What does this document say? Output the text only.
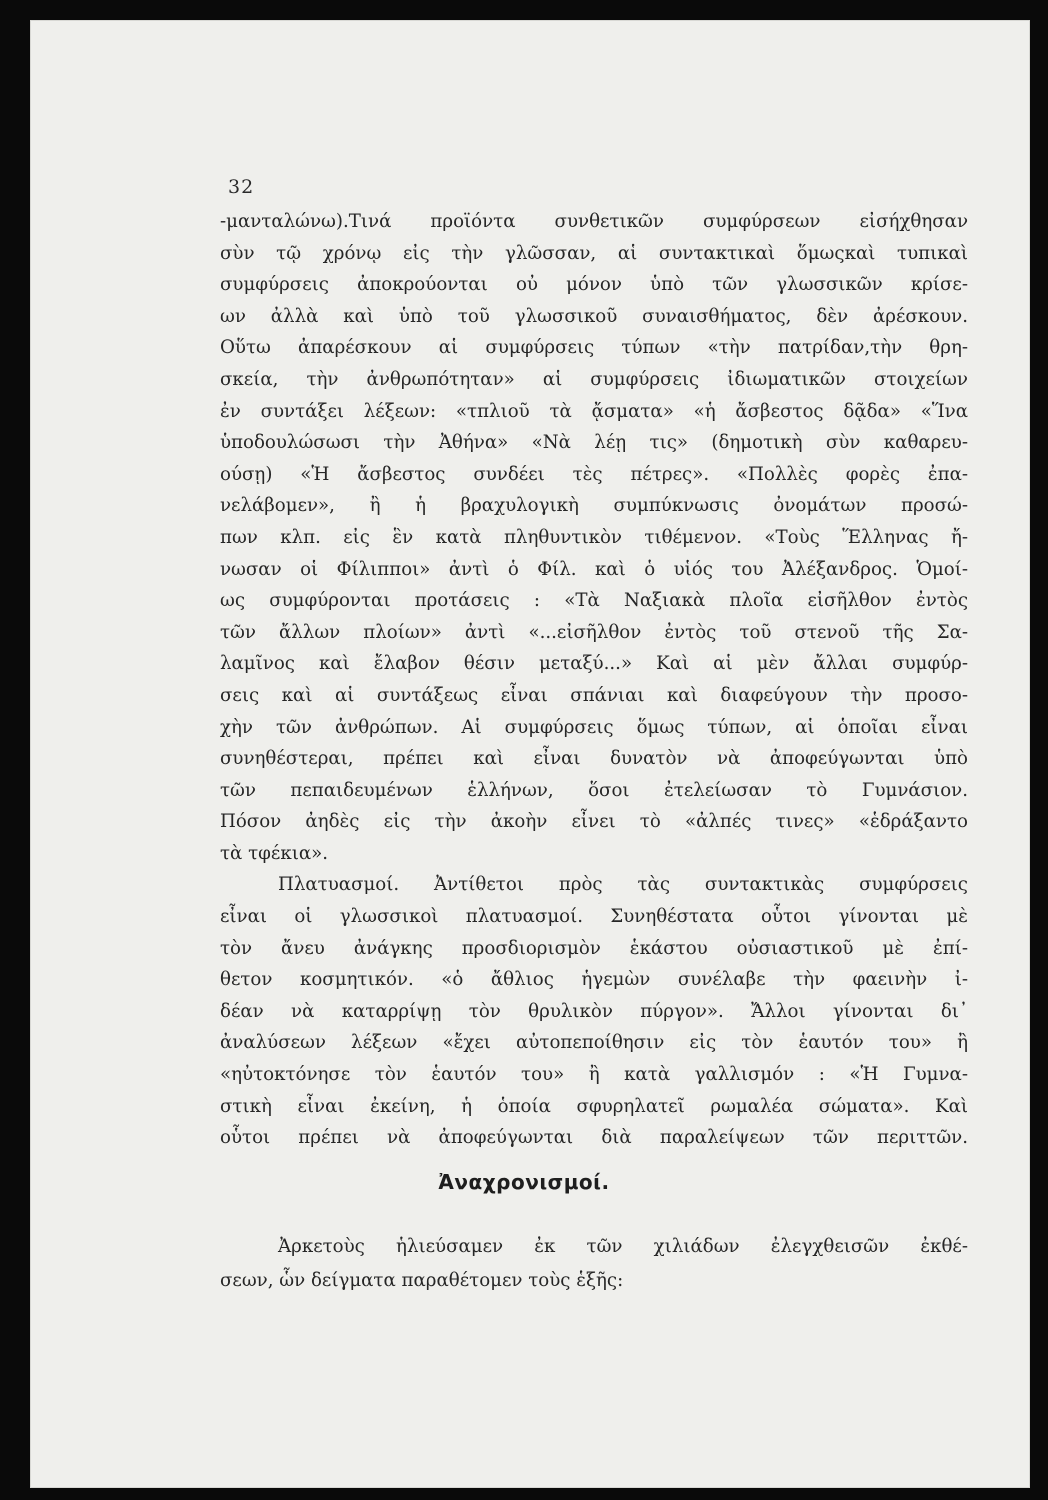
32
-μανταλώνω).Τινά προϊόντα συνθετικῶν συμφύρσεων εἰσήχθησαν
σὺν τῷ χρόνῳ εἰς τὴν γλῶσσαν, αἱ συντακτικαὶ ὅμωςκαὶ τυπικαὶ
συμφύρσεις ἀποκρούονται οὐ μόνον ὑπὸ τῶν γλωσσικῶν κρίσε-
ων ἀλλὰ καὶ ὑπὸ τοῦ γλωσσικοῦ συναισθήματος, δὲν ἀρέσκουν.
Οὕτω ἀπαρέσκουν αἱ συμφύρσεις τύπων «τὴν πατρίδαν,τὴν θρη-
σκεία, τὴν ἀνθρωπότηταν» αἱ συμφύρσεις ἰδιωματικῶν στοιχείων
ἐν συντάξει λέξεων: «τπλιοῦ τὰ ᾄσματα» «ἡ ἄσβεστος δᾷδα» «Ἵνα
ὑποδουλώσωσι τὴν Ἀθήνα» «Νὰ λέῃ τις» (δημοτικὴ σὺν καθαρευ-
ούσῃ) «Ἡ ἄσβεστος συνδέει τὲς πέτρες». «Πολλὲς φορὲς ἐπα-
νελάβομεν», ἢ ἡ βραχυλογικὴ συμπύκνωσις ὀνομάτων προσώ-
πων κλπ. εἰς ἓν κατὰ πληθυντικὸν τιθέμενον. «Τοὺς Ἕλληνας ἤ-
νωσαν οἱ Φίλιπποι» ἀντὶ ὁ Φίλ. καὶ ὁ υἱός του Ἀλέξανδρος. Ὁμοί-
ως συμφύρονται προτάσεις : «Τὰ Ναξιακὰ πλοῖα εἰσῆλθον ἐντὸς
τῶν ἄλλων πλοίων» ἀντὶ «...εἰσῆλθον ἐντὸς τοῦ στενοῦ τῆς Σα-
λαμῖνος καὶ ἔλαβον θέσιν μεταξύ...» Καὶ αἱ μὲν ἄλλαι συμφύρ-
σεις καὶ αἱ συντάξεως εἶναι σπάνιαι καὶ διαφεύγουν τὴν προσο-
χὴν τῶν ἀνθρώπων. Αἱ συμφύρσεις ὅμως τύπων, αἱ ὁποῖαι εἶναι
συνηθέστεραι, πρέπει καὶ εἶναι δυνατὸν νὰ ἀποφεύγωνται ὑπὸ
τῶν πεπαιδευμένων ἑλλήνων, ὅσοι ἐτελείωσαν τὸ Γυμνάσιον.
Πόσον ἀηδὲς εἰς τὴν ἀκοὴν εἶνει τὸ «ἀλπές τινες» «ἑδράξαντο
τὰ τφέκια».
Πλατυασμοί. Ἀντίθετοι πρὸς τὰς συντακτικὰς συμφύρσεις
εἶναι οἱ γλωσσικοὶ πλατυασμοί. Συνηθέστατα οὗτοι γίνονται μὲ
τὸν ἄνευ ἀνάγκης προσδιορισμὸν ἑκάστου οὐσιαστικοῦ μὲ ἐπί-
θετον κοσμητικόν. «ὁ ἄθλιος ἡγεμὼν συνέλαβε τὴν φαεινὴν ἰ-
δέαν νὰ καταρρίψῃ τὸν θρυλικὸν πύργον». Ἄλλοι γίνονται δι᾽
ἀναλύσεων λέξεων «ἔχει αὐτοπεποίθησιν εἰς τὸν ἑαυτόν του» ἢ
«ηὐτοκτόνησε τὸν ἑαυτόν του» ἢ κατὰ γαλλισμόν : «Ἡ Γυμνα-
στικὴ εἶναι ἐκείνη, ἡ ὁποία σφυρηλατεῖ ρωμαλέα σώματα». Καὶ
οὗτοι πρέπει νὰ ἀποφεύγωνται διὰ παραλείψεων τῶν περιττῶν.
Ἀναχρονισμοί.
Ἀρκετοὺς ἡλιεύσαμεν ἐκ τῶν χιλιάδων ἐλεγχθεισῶν ἐκθέ-
σεων, ὧν δείγματα παραθέτομεν τοὺς ἑξῆς:
